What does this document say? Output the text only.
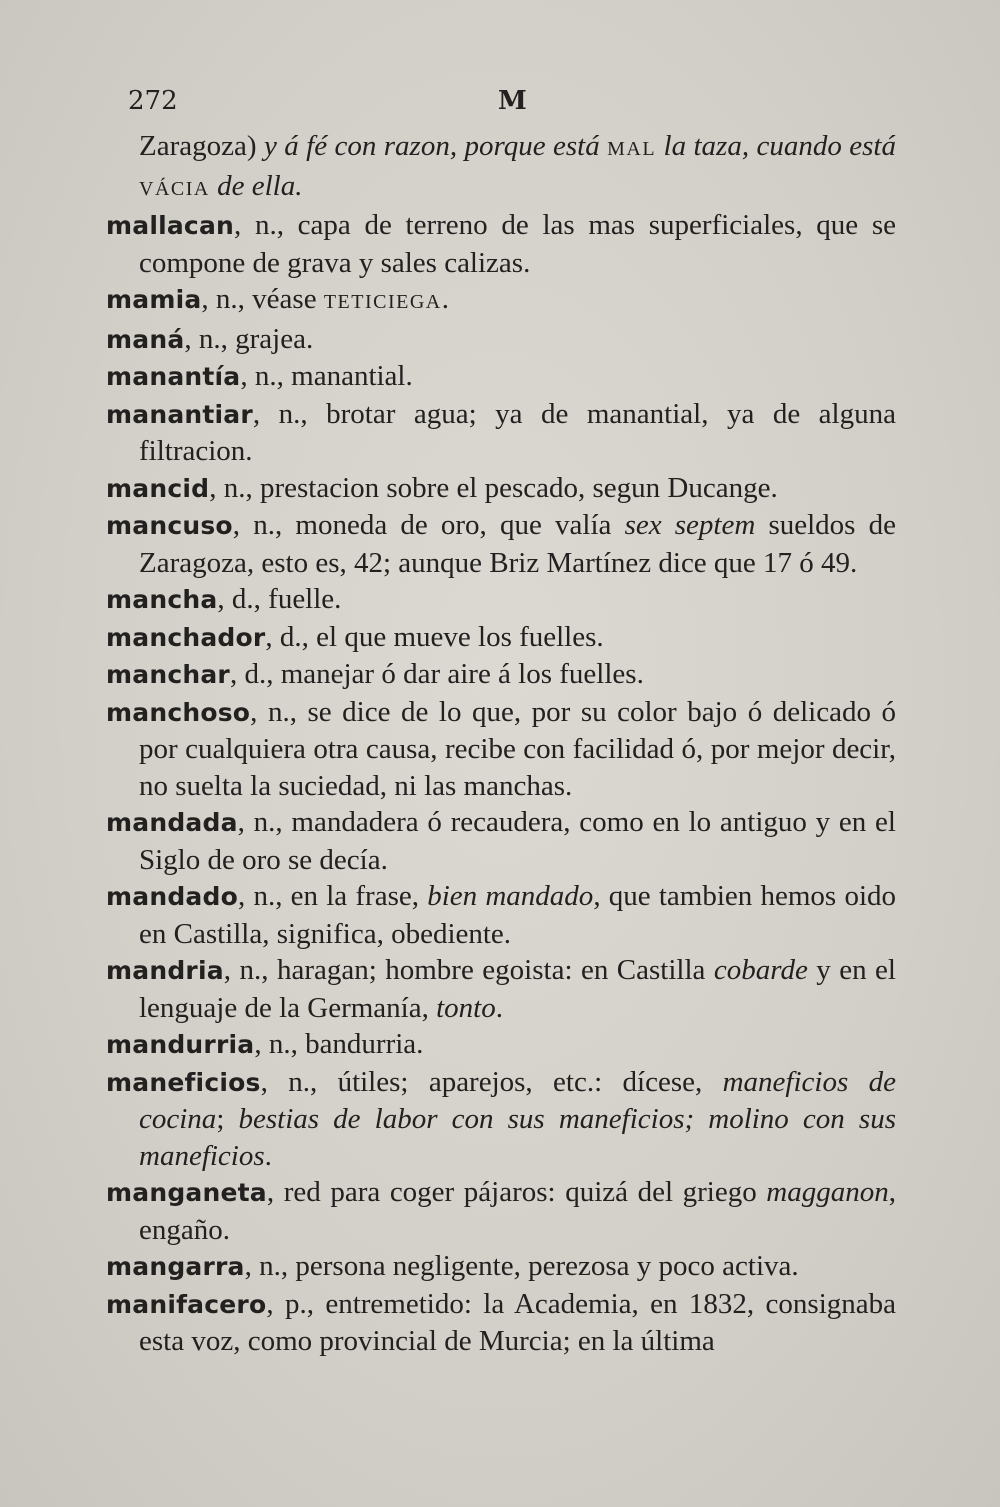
272	M
Zaragoza) y á fé con razon, porque está MAL la taza, cuando está VÁCIA de ella.
mallacan, n., capa de terreno de las mas superficiales, que se compone de grava y sales calizas.
mamia, n., véase TETICIEGA.
maná, n., grajea.
manantía, n., manantial.
manantiar, n., brotar agua; ya de manantial, ya de alguna filtracion.
mancid, n., prestacion sobre el pescado, segun Ducange.
mancuso, n., moneda de oro, que valía sex septem sueldos de Zaragoza, esto es, 42; aunque Briz Martínez dice que 17 ó 49.
mancha, d., fuelle.
manchador, d., el que mueve los fuelles.
manchar, d., manejar ó dar aire á los fuelles.
manchoso, n., se dice de lo que, por su color bajo ó delicado ó por cualquiera otra causa, recibe con facilidad ó, por mejor decir, no suelta la suciedad, ni las manchas.
mandada, n., mandadera ó recaudera, como en lo antiguo y en el Siglo de oro se decía.
mandado, n., en la frase, bien mandado, que tambien hemos oido en Castilla, significa, obediente.
mandria, n., haragan; hombre egoista: en Castilla cobarde y en el lenguaje de la Germanía, tonto.
mandurria, n., bandurria.
maneficios, n., útiles; aparejos, etc.: dícese, maneficios de cocina; bestias de labor con sus maneficios; molino con sus maneficios.
manganeta, red para coger pájaros: quizá del griego magganon, engaño.
mangarra, n., persona negligente, perezosa y poco activa.
manifacero, p., entremetido: la Academia, en 1832, consignaba esta voz, como provincial de Murcia; en la última
